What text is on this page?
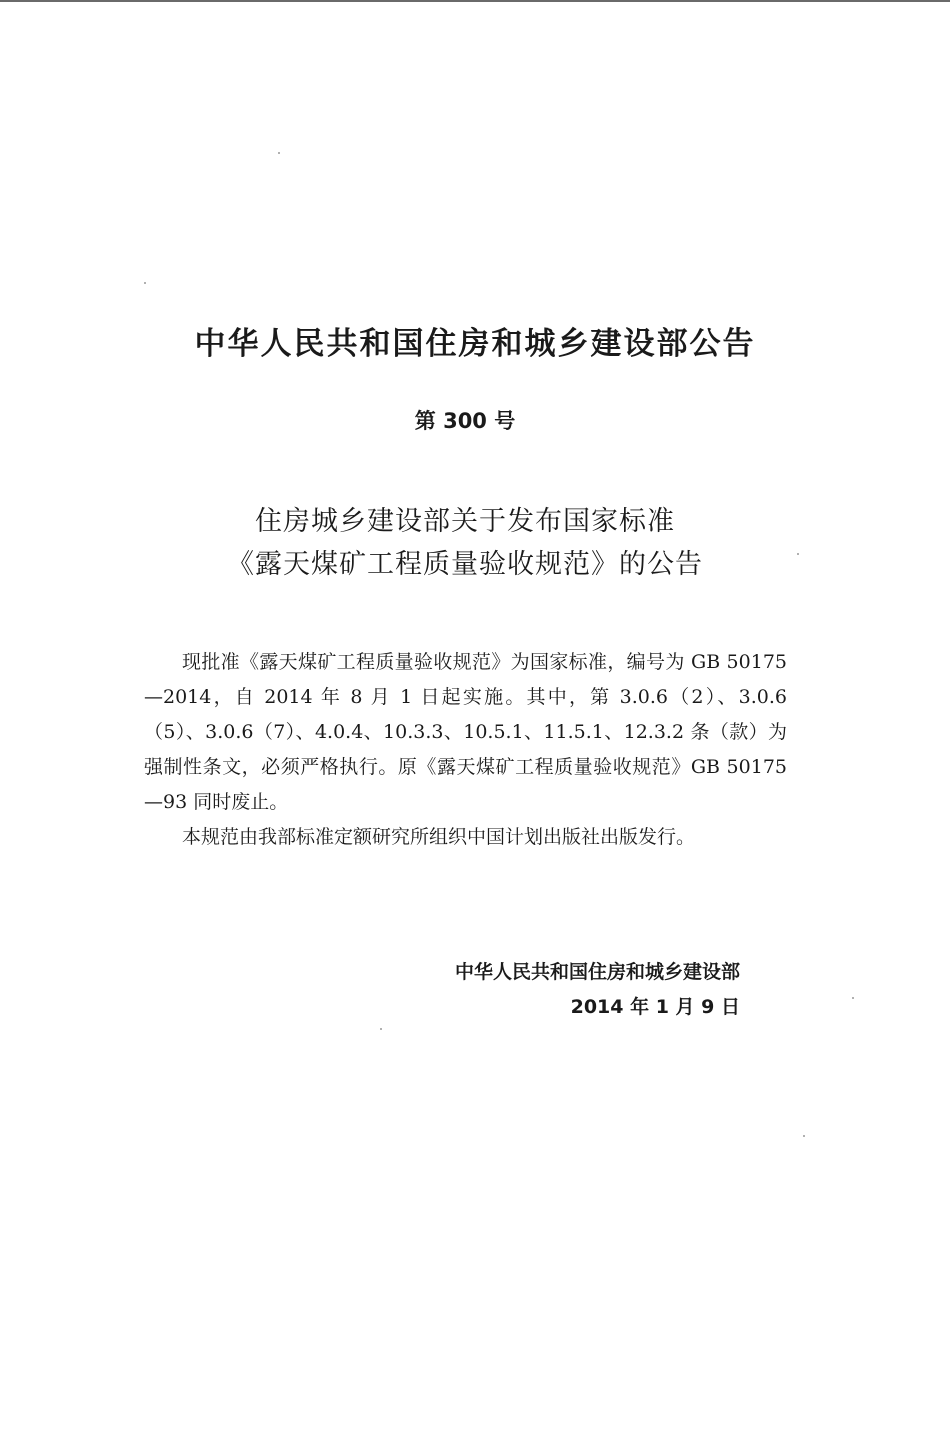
中华人民共和国住房和城乡建设部公告
第 300 号
住房城乡建设部关于发布国家标准
《露天煤矿工程质量验收规范》的公告

现批准《露天煤矿工程质量验收规范》为国家标准，编号为 GB 50175—2014，自 2014 年 8 月 1 日起实施。其中，第 3.0.6（2）、3.0.6（5）、3.0.6（7）、4.0.4、10.3.3、10.5.1、11.5.1、12.3.2 条（款）为强制性条文，必须严格执行。原《露天煤矿工程质量验收规范》GB 50175—93 同时废止。

本规范由我部标准定额研究所组织中国计划出版社出版发行。

中华人民共和国住房和城乡建设部
2014 年 1 月 9 日
